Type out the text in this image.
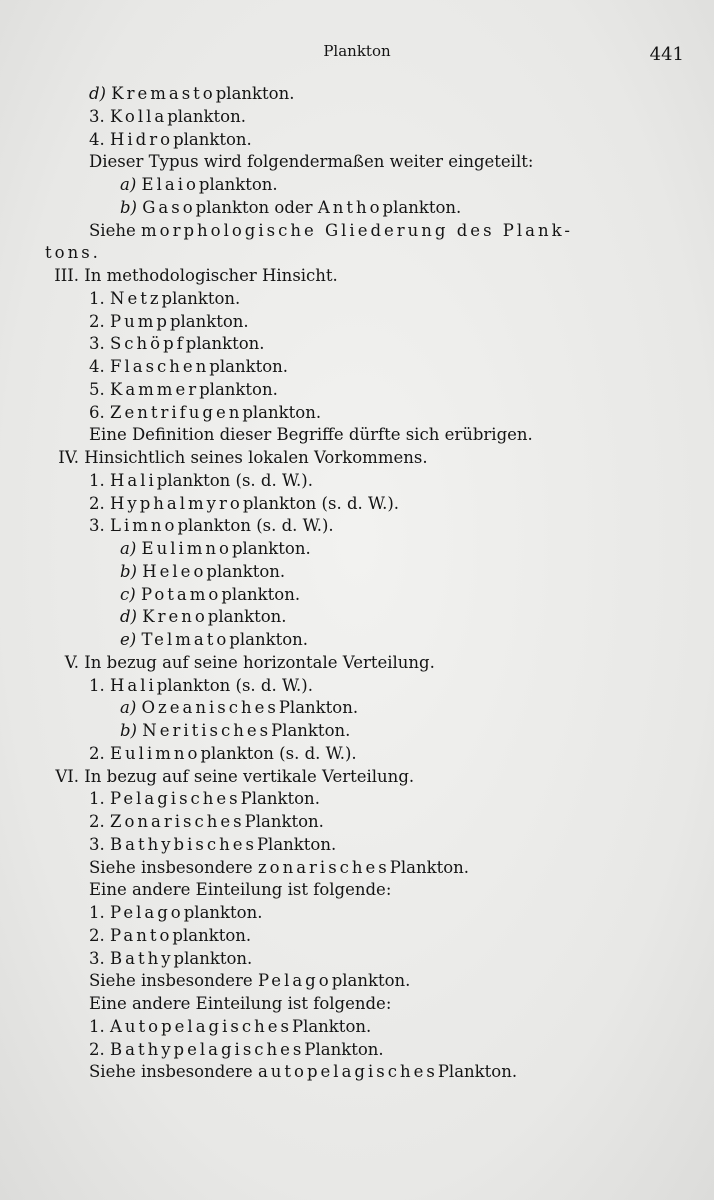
Plankton	441
d) Kremastoplankton.
3. Kollaplankton.
4. Hidroplankton.
Dieser Typus wird folgendermaßen weiter eingeteilt:
a) Elaioplankton.
b) Gasoplankton oder Anthoplankton.
Siehe morphologische Gliederung des Plank-
tons.
III. In methodologischer Hinsicht.
1. Netzplankton.
2. Pumpplankton.
3. Schöpfplankton.
4. Flaschenplankton.
5. Kammerplankton.
6. Zentrifugenplankton.
Eine Definition dieser Begriffe dürfte sich erübrigen.
IV. Hinsichtlich seines lokalen Vorkommens.
1. Haliplankton (s. d. W.).
2. Hyphalmyroplankton (s. d. W.).
3. Limnoplankton (s. d. W.).
a) Eulimnoplankton.
b) Heleoplankton.
c) Potamoplankton.
d) Krenoplankton.
e) Telmatoplankton.
V. In bezug auf seine horizontale Verteilung.
1. Haliplankton (s. d. W.).
a) OzeanischesPlankton.
b) NeritischesPlankton.
2. Eulimnoplankton (s. d. W.).
VI. In bezug auf seine vertikale Verteilung.
1. PelagischesPlankton.
2. ZonarischesPlankton.
3. BathybischesPlankton.
Siehe insbesondere zonarischesPlankton.
Eine andere Einteilung ist folgende:
1. Pelagoplankton.
2. Pantoplankton.
3. Bathyplankton.
Siehe insbesondere Pelagoplankton.
Eine andere Einteilung ist folgende:
1. AutopelagischesPlankton.
2. BathypelagischesPlankton.
Siehe insbesondere autopelagischesPlankton.
